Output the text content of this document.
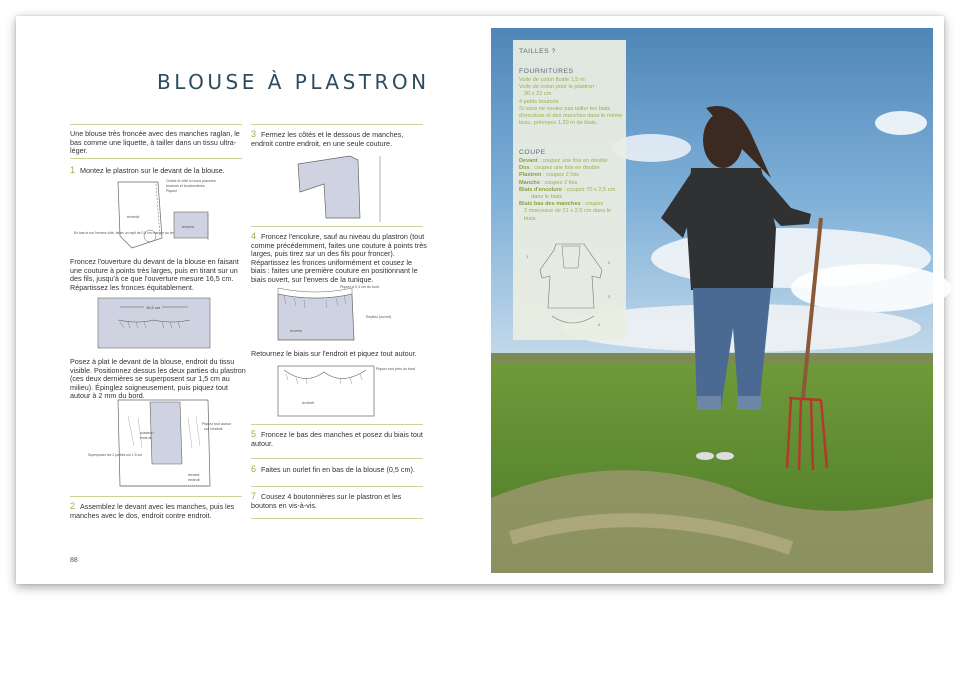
BLOUSE À PLASTRON
Une blouse très froncée avec des manches raglan, le bas comme une liquette, à tailler dans un tissu ultra-léger.
1 Montez le plastron sur le devant de la blouse.
Ourlez le côté ici vous placerez
boutons et boutonnières
Piquez
endroit
envers
En bas et sur l'envers côté, faites un repli de 0,5 cm marqué au fer
Froncez l'ouverture du devant de la blouse en faisant une couture à points très larges, puis en tirant sur un des fils, jusqu'à ce que l'ouverture mesure 16,5 cm. Répartissez les fronces équitablement.
16,5 cm
Posez à plat le devant de la blouse, endroit du tissu visible. Positionnez dessus les deux parties du plastron (ces deux dernières se superposent sur 1,5 cm au milieu). Épinglez soigneusement, puis piquez tout autour à 2 mm du bord.
Piquez tout autour
sur l'endroit
plastron
endroit
Superposez les 2 parties sur 1,5 cm
devant
endroit
2 Assemblez le devant avec les manches, puis les manches avec le dos, endroit contre endroit.
88
3 Fermez les côtés et le dessous de manches, endroit contre endroit, en une seule couture.
4 Froncez l'encolure, sauf au niveau du plastron (tout comme précédemment, faites une couture à points très larges, puis tirez sur un des fils pour froncer). Répartissez les fronces uniformément et cousez le biais : faites une première couture en positionnant le biais ouvert, sur l'envers de la tunique.
Piquez à 0,4 cm du bord
Repliez (ouvert)
envers
Retournez le biais sur l'endroit et piquez tout autour.
Piquez tout près du bord
endroit
5 Froncez le bas des manches et posez du biais tout autour.
6 Faites un ourlet fin en bas de la blouse (0,5 cm).
7 Cousez 4 boutonnières sur le plastron et les boutons en vis-à-vis.
TAILLES ?
FOURNITURES
Voile de coton fluide 1,5 m
Voile de coton pour le plastron :
30 x 22 cm
4 petits boutons
Si vous ne voulez pas tailler les biais
d'encolure et des manches dans le même
tissu, prévoyez 1,20 m de biais.
COUPE
Devant : coupez une fois en double
Dos : coupez une fois en double
Plastron : coupez 2 fois
Manche : coupez 2 fois
Biais d'encolure : coupez 70 x 2,5 cm
dans le biais
Biais bas des manches : coupez
2 morceaux de 21 x 2,5 cm dans le biais
1
2
3
4
